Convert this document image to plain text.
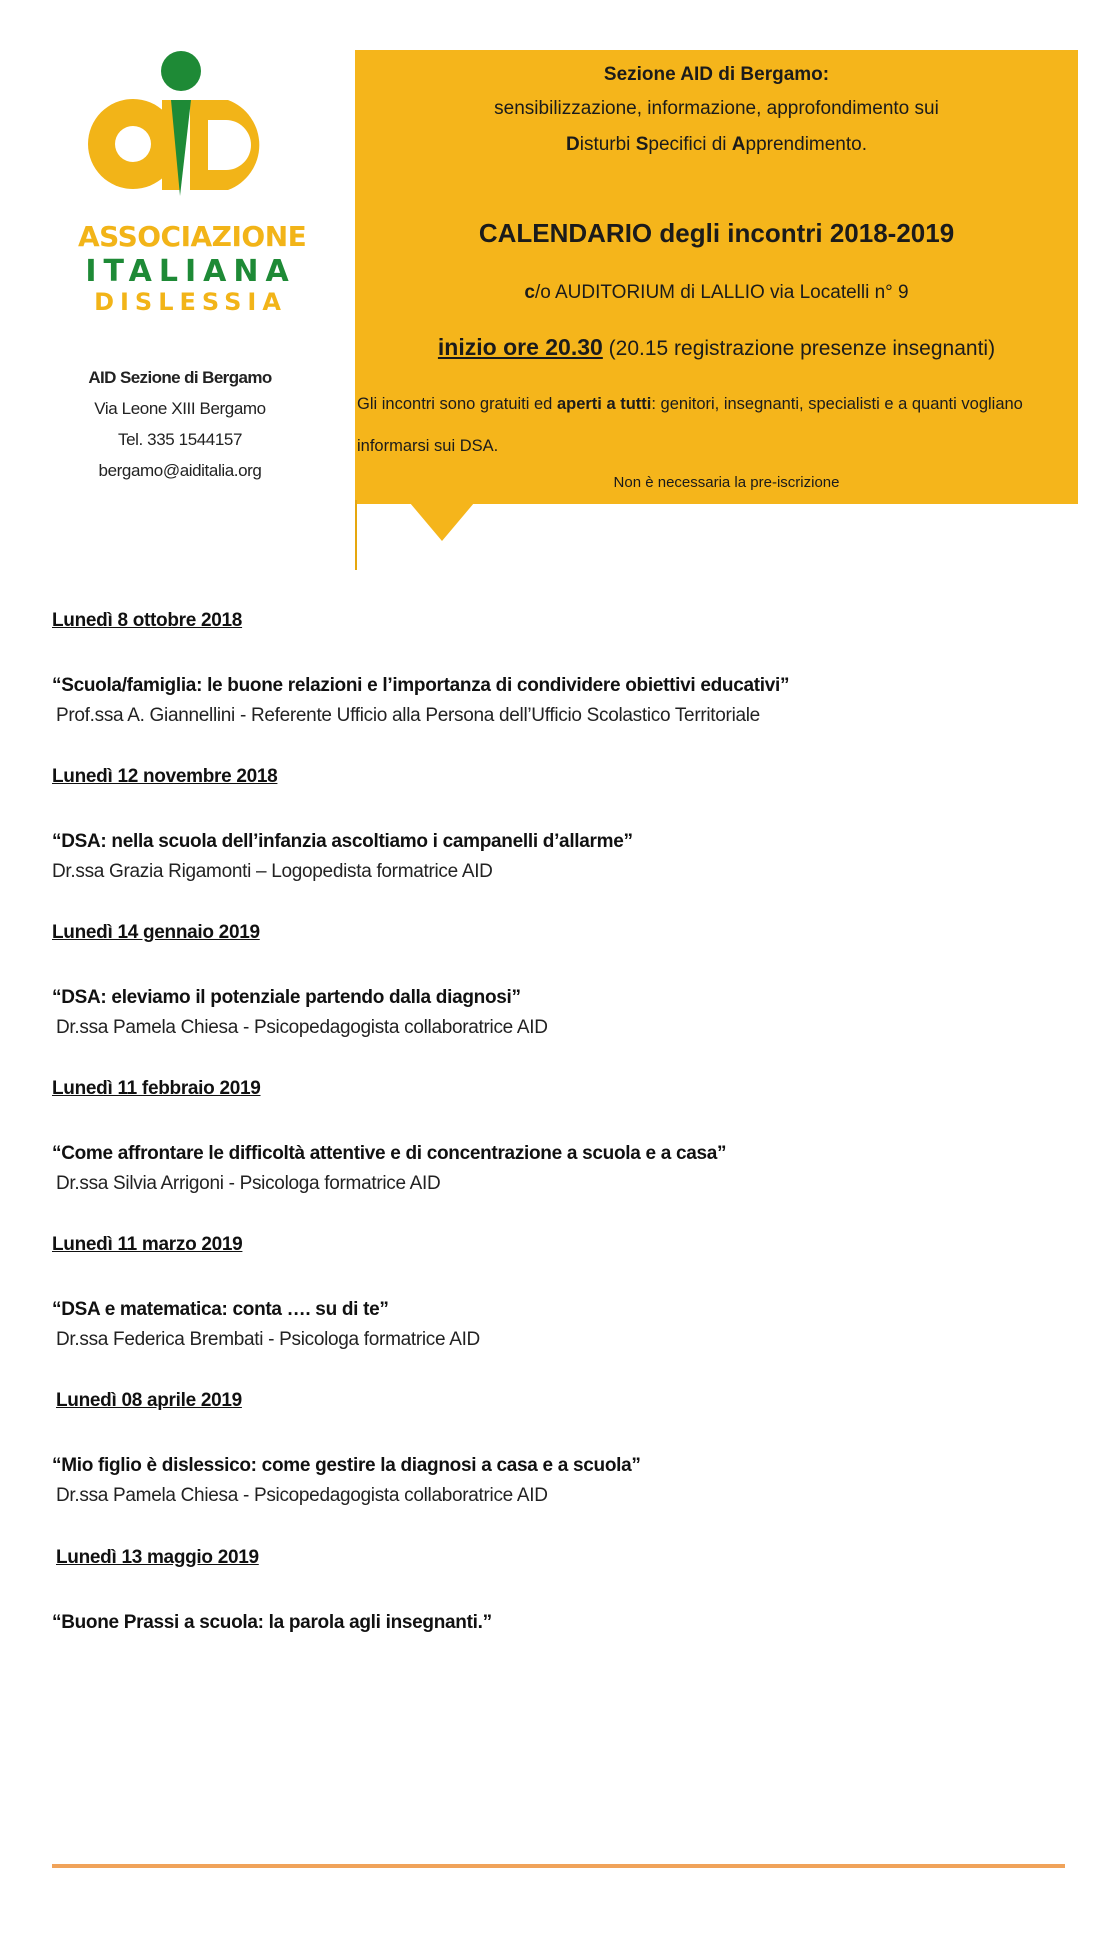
ASSOCIAZIONE
ITALIANA
DISLESSIA
AID Sezione di Bergamo
Via Leone XIII Bergamo
Tel. 335 1544157
bergamo@aiditalia.org
Sezione AID di Bergamo:
sensibilizzazione, informazione, approfondimento sui
Disturbi Specifici di Apprendimento.
CALENDARIO degli incontri 2018-2019
c/o AUDITORIUM di LALLIO via Locatelli n° 9
inizio ore 20.30 (20.15 registrazione presenze insegnanti)
Gli incontri sono gratuiti ed aperti a tutti: genitori, insegnanti, specialisti e a quanti vogliano informarsi sui DSA.
Non è necessaria la pre-iscrizione
Lunedì 8 ottobre 2018
“Scuola/famiglia: le buone relazioni e l’importanza di condividere obiettivi educativi”
Prof.ssa A. Giannellini - Referente Ufficio alla Persona dell’Ufficio Scolastico Territoriale
Lunedì 12 novembre 2018
“DSA: nella scuola dell’infanzia ascoltiamo i campanelli d’allarme”
Dr.ssa Grazia Rigamonti – Logopedista formatrice AID
Lunedì 14 gennaio 2019
“DSA: eleviamo il potenziale partendo dalla diagnosi”
Dr.ssa Pamela Chiesa - Psicopedagogista collaboratrice AID
Lunedì 11 febbraio 2019
“Come affrontare le difficoltà attentive e di concentrazione a scuola e a casa”
Dr.ssa Silvia Arrigoni - Psicologa formatrice AID
Lunedì 11 marzo 2019
“DSA e matematica: conta …. su di te”
Dr.ssa Federica Brembati - Psicologa formatrice AID
Lunedì 08 aprile 2019
“Mio figlio è dislessico: come gestire la diagnosi a casa e a scuola”
Dr.ssa Pamela Chiesa - Psicopedagogista collaboratrice AID
Lunedì 13 maggio 2019
“Buone Prassi a scuola: la parola agli insegnanti.”
